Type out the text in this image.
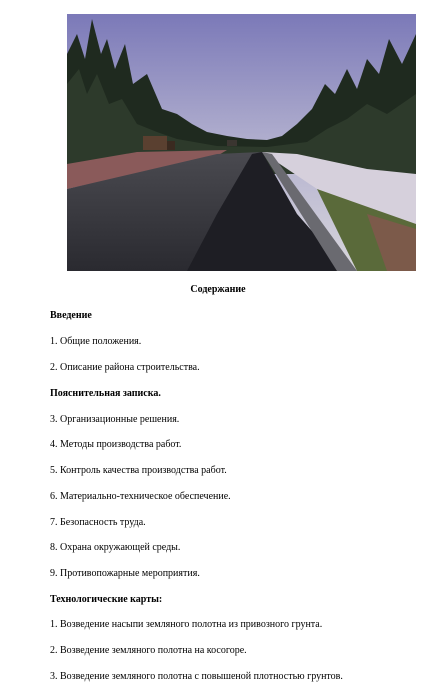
Содержание
Введение
1. Общие положения.
2. Описание района строительства.
Пояснительная записка.
3. Организационные решения.
4. Методы производства работ.
5. Контроль качества производства работ.
6. Материально-техническое обеспечение.
7. Безопасность труда.
8. Охрана окружающей среды.
9. Противопожарные мероприятия.
Технологические карты:
1. Возведение насыпи земляного полотна из привозного грунта.
2. Возведение земляного полотна на косогоре.
3. Возведение земляного полотна с повышеной плотностью грунтов.
